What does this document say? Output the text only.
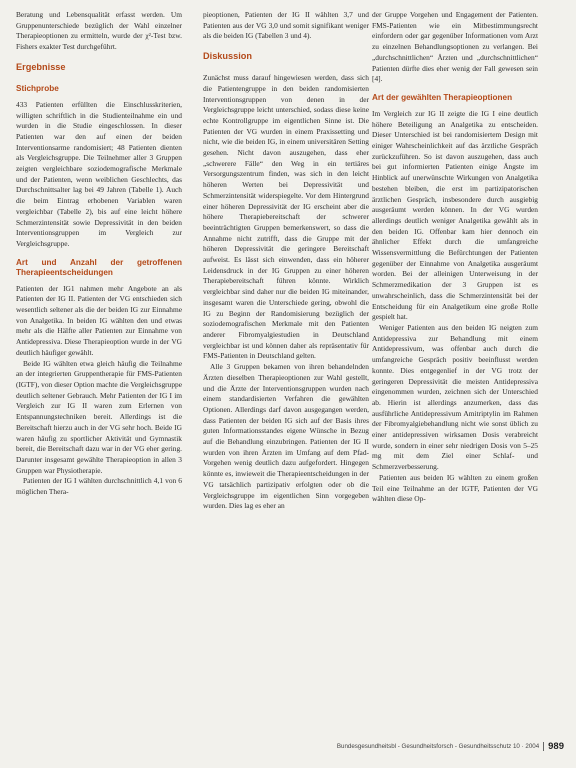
Beratung und Lebensqualität erfasst werden. Um Gruppenunterschiede bezüglich der Wahl einzelner Therapieoptionen zu ermitteln, wurde der χ²-Test bzw. Fishers exakter Test durchgeführt.

Ergebnisse
Stichprobe

433 Patienten erfüllten die Einschlusskriterien, willigten schriftlich in die Studienteilnahme ein und wurden in die Studie eingeschlossen. In dieser Patienten war den auf einen der beiden Interventionsarme randomisiert; 48 Patienten dienten als Vergleichsgruppe. Die Teilnehmer aller 3 Gruppen zeigten vergleichbare soziodemografische Merkmale und der Patienten, wenn weiblichen Geschlechts, das Durchschnittsalter lag bei 49 Jahren (Tabelle 1). Auch die beim Eintrag erhobenen Variablen waren vergleichbar (Tabelle 2), bis auf eine leicht höhere Schmerzintensität sowie Depressivität in den beiden Interventionsgruppen im Vergleich zur Vergleichsgruppe.

Art und Anzahl der getroffenen Therapieentscheidungen

Patienten der IG1 nahmen mehr Angebote an als Patienten der IG II. Patienten der VG entschieden sich wesentlich seltener als die der beiden IG zur Einnahme von Analgetika. In beiden IG wählten den und etwas mehr als die Hälfte aller Patienten zur Einnahme von Antidepressiva. Diese Therapieoption wurde in der VG deutlich häufiger gewählt.

Beide IG wählten etwa gleich häufig die Teilnahme an der integrierten Gruppentherapie für FMS-Patienten (IGTF), von dieser Option machte die Vergleichsgruppe deutlich seltener Gebrauch. Mehr Patienten der IG I im Vergleich zur IG II waren zum Erlernen von Entspannungstechniken bereit. Allerdings ist die Bereitschaft hierzu auch in der VG sehr hoch. Beide IG waren häufig zu sportlicher Aktivität und Gymnastik bereit, die Bereitschaft dazu war in der VG eher gering. Darunter insgesamt gewählte Therapieoption in allen 3 Gruppen war Physiotherapie.

Patienten der IG I wählten durchschnittlich 4,1 von 6 möglichen Thera-

pieoptionen, Patienten der IG II wählten 3,7 und Patienten aus der VG 3,0 und somit signifikant weniger als die beiden IG (Tabellen 3 und 4).

Diskussion

Zunächst muss darauf hingewiesen werden, dass sich die Patientengruppe in den beiden randomisierten Interventionsgruppen von denen in der Vergleichsgruppe leicht unterschied, sodass diese keine echte Kontrollgruppe im eigentlichen Sinne ist. Die Patienten der VG wurden in einem Praxissetting und nicht, wie die beiden IG, in einem universitären Setting gesehen. Nicht davon auszugehen, dass eher „schwerere Fälle“ den Weg in ein tertiäres Versorgungszentrum finden, was sich in den leicht höheren Werten bei Depressivität und Schmerzintensität widerspiegelte. Vor dem Hintergrund einer höheren Depressivität der IG erscheint aber die höhere Therapiebereitschaft der schwerer beeinträchtigten Gruppen bemerkenswert, so dass die Annahme nicht zutrifft, dass die Gruppe mit der höheren Depressivität die geringere Bereitschaft aufweist. Es lässt sich einwenden, dass ein höherer Leidensdruck in der IG Gruppen zu einer höheren Therapiebereitschaft führen könnte. Wirklich vergleichbar sind daher nur die beiden IG miteinander, insgesamt waren die Unterschiede gering, obwohl die IG zu Beginn der Randomisierung bezüglich der soziodemografischen Merkmale mit den Patienten anderer Fibromyalgiestudien in Deutschland vergleichbar ist und können daher als repräsentativ für FMS-Patienten in Deutschland gelten.

Alle 3 Gruppen bekamen von ihren behandelnden Ärzten dieselben Therapieoptionen zur Wahl gestellt, und die Ärzte der Interventionsgruppen wurden nach einem standardisierten Verfahren die gewählten Optionen. Allerdings darf davon ausgegangen werden, dass Patienten der beiden IG sich auf der Basis ihres guten Informationsstandes eigene Wünsche in Bezug auf die Behandlung einzubringen. Patienten der IG II wurden von ihren Ärzten im Umfang auf dem Pfad-Vorgehen wenig deutlich dazu aufgefordert. Hingegen könnte es, inwieweit die Therapieentscheidungen in der VG tatsächlich partizipativ erfolgten oder ob die Vergleichsgruppe im eigentlichen Sinn vorgegeben wurden. Dies lag es eher an

der Gruppe Vorgehen und Engagement der Patienten. FMS-Patienten wie ein Mitbestimmungsrecht einfordern oder gar gegenüber Informationen vom Arzt zu einzelnen Behandlungsoptionen zu verlangen. Bei „durchschnittlichen“ Ärzten und „durchschnittlichen“ Patienten dürfte dies eher wenig der Fall gewesen sein [4].

Art der gewählten Therapieoptionen

Im Vergleich zur IG II zeigte die IG I eine deutlich höhere Beteiligung an Analgetika zu entscheiden. Dieser Unterschied ist bei randomisiertem Design mit einiger Wahrscheinlichkeit auf das ärztliche Gespräch zurückzuführen. So ist davon auszugehen, dass auch bei gut informierten Patienten einige Ängste im Hinblick auf unerwünschte Wirkungen von Analgetika bestehen bleiben, die erst im partizipatorischen ärztlichen Gespräch, insbesondere durch ausgiebig ausgeräumt werden können. In der VG wurden allerdings deutlich weniger Analgetika gewählt als in den beiden IG. Offenbar kam hier dennoch ein ähnlicher Effekt durch die umfangreiche Wissensvermittlung die Befürchtungen der Patienten gegenüber der Einnahme von Analgetika ausgeräumt worden. Bei der alleinigen Unterweisung in der Schmerzmedikation der 3 Gruppen ist es unwahrscheinlich, dass die Schmerzintensität bei der Entscheidung für ein Analgetikum eine große Rolle gespielt hat.

Weniger Patienten aus den beiden IG neigten zum Antidepressiva zur Behandlung mit einem Antidepressivum, was offenbar auch durch die umfangreiche Gespräch positiv beeinflusst werden konnte. Dies entgegenlief in der VG trotz der geringeren Depressivität die meisten Antidepressiva eingenommen wurden, zeichnen sich der Unterschied ab. Hierin ist allerdings anzumerken, dass das ausführliche Antidepressivum Amitriptylin im Rahmen der Fibromyalgiebehandlung nicht wie sonst üblich zu einer antidepressiven wirksamen Dosis verabreicht wurde, sondern in einer sehr niedrigen Dosis von 5–25 mg mit dem Ziel einer Schlaf- und Schmerzverbesserung.

Patienten aus beiden IG wählten zu einem großen Teil eine Teilnahme an der IGTF, Patienten der VG wählten diese Op-

Bundesgesundheitsbl - Gesundheitsforsch - Gesundheitsschutz 10 · 2004 989
